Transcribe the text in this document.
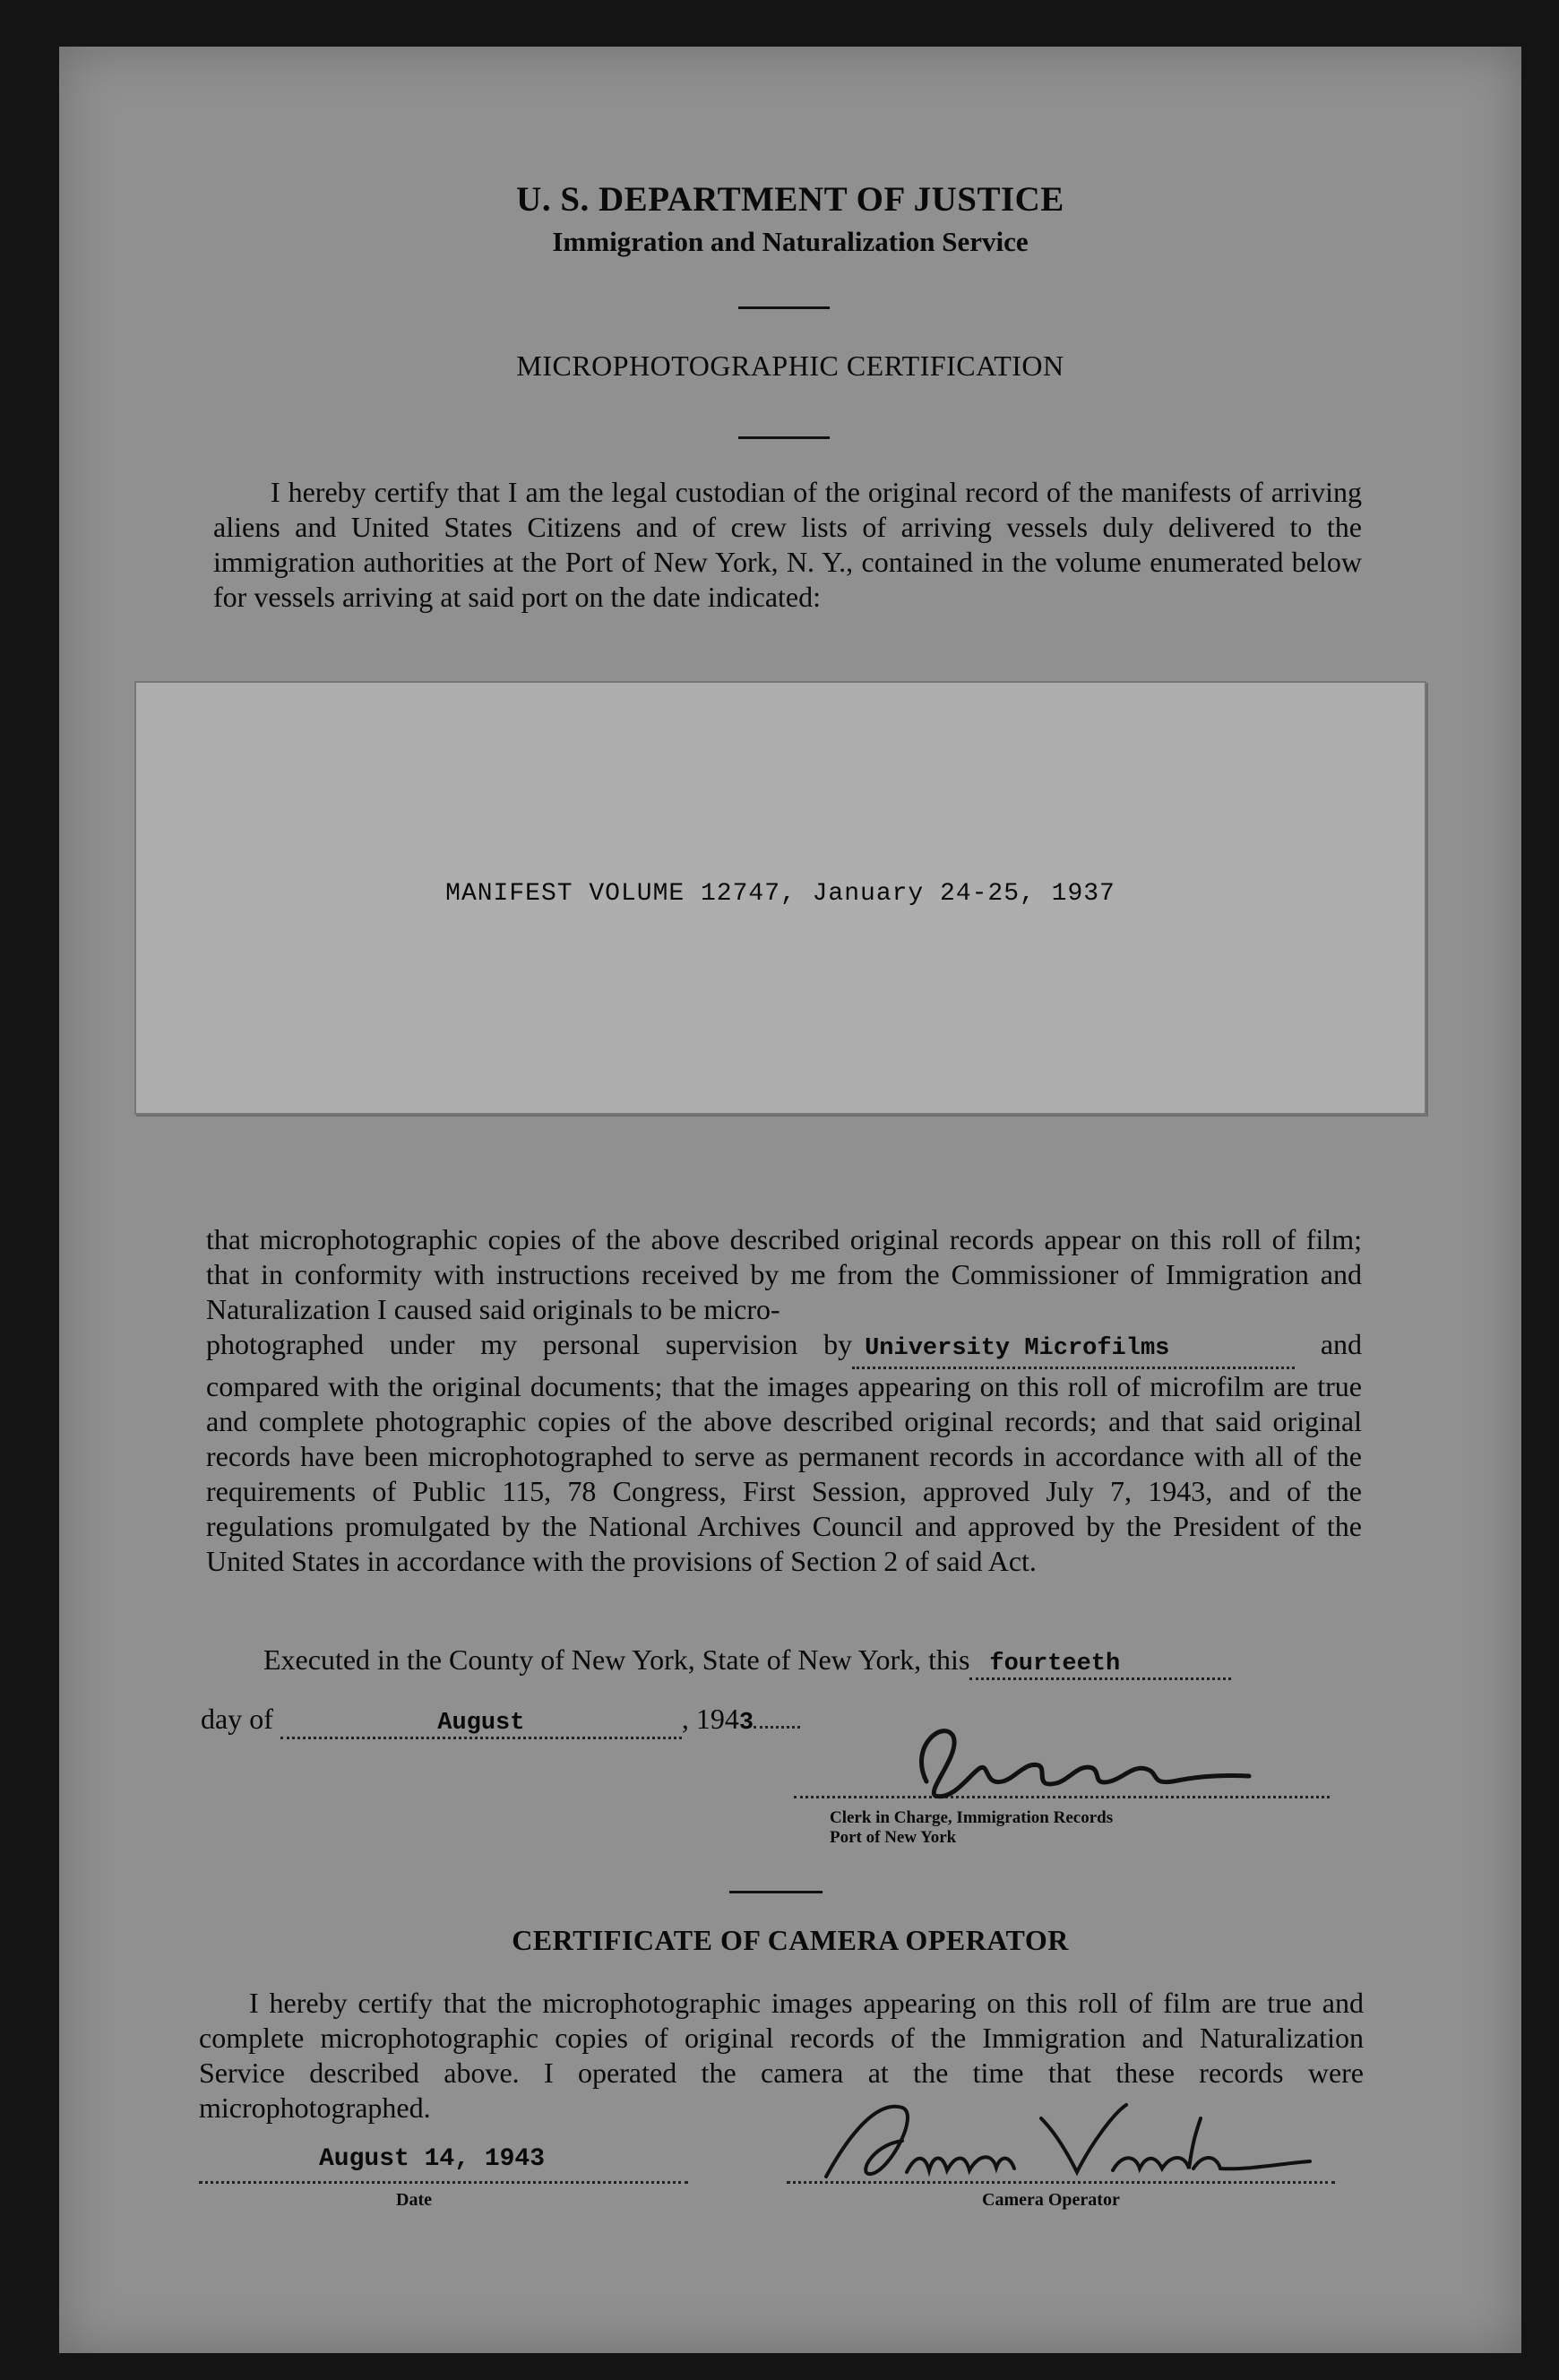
U. S. DEPARTMENT OF JUSTICE
Immigration and Naturalization Service
MICROPHOTOGRAPHIC CERTIFICATION
I hereby certify that I am the legal custodian of the original record of the manifests of arriving aliens and United States Citizens and of crew lists of arriving vessels duly delivered to the immigration authorities at the Port of New York, N. Y., contained in the volume enumerated below for vessels arriving at said port on the date indicated:
MANIFEST VOLUME 12747, January 24-25, 1937
that microphotographic copies of the above described original records appear on this roll of film; that in conformity with instructions received by me from the Commissioner of Immigration and Naturalization I caused said originals to be micro-
photographed under my personal supervision by University Microfilms	and compared with the original documents; that the images appearing on this roll of microfilm are true and complete photographic copies of the above described original records; and that said original records have been microphotographed to serve as permanent records in accordance with all of the requirements of Public 115, 78 Congress, First Session, approved July 7, 1943, and of the regulations promulgated by the National Archives Council and approved by the President of the United States in accordance with the provisions of Section 2 of said Act.
Executed in the County of New York, State of New York, this fourteeth
day of	August	, 1943
Clerk in Charge, Immigration Records
Port of New York
CERTIFICATE OF CAMERA OPERATOR
I hereby certify that the microphotographic images appearing on this roll of film are true and complete microphotographic copies of original records of the Immigration and Naturalization Service described above. I operated the camera at the time that these records were microphotographed.
August 14, 1943
Date	Camera Operator
